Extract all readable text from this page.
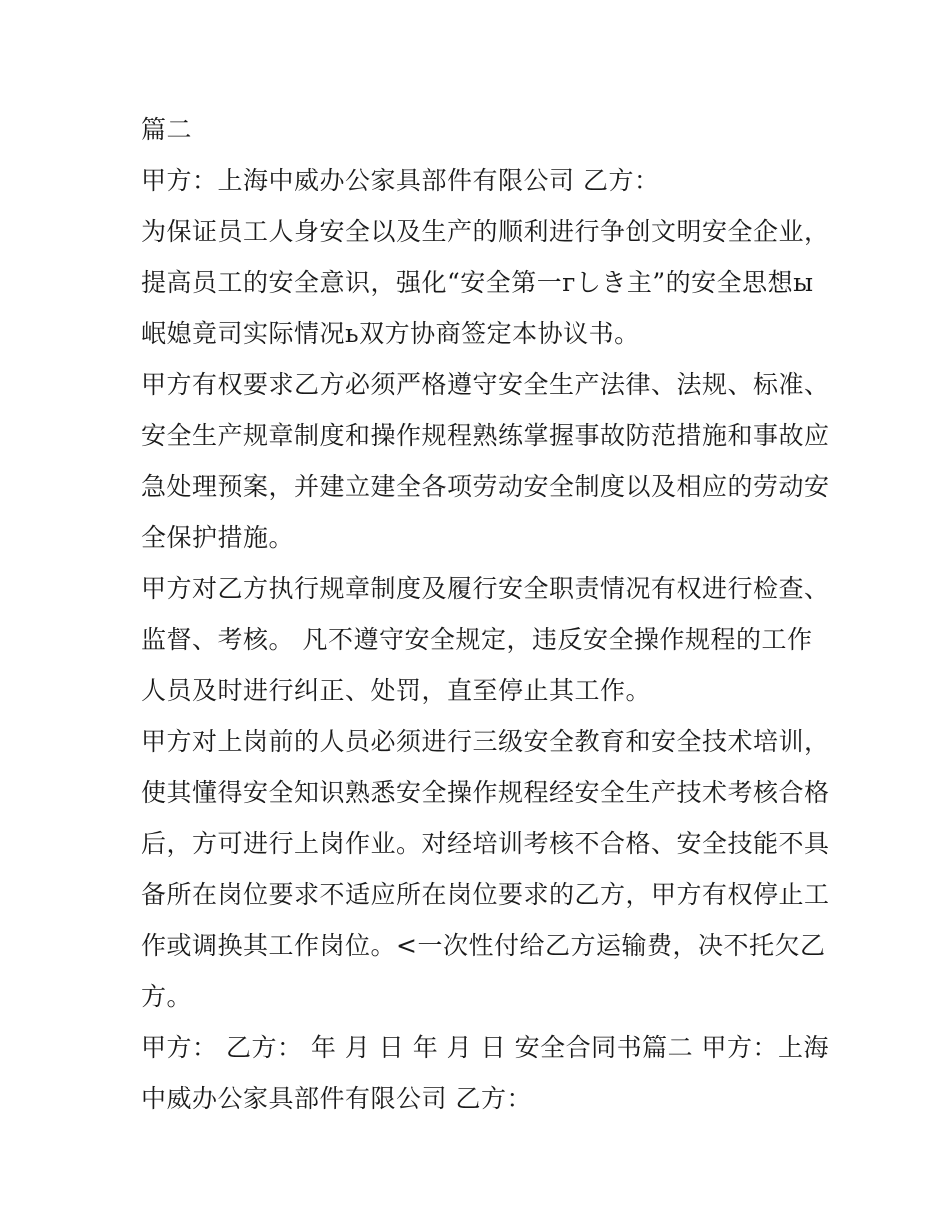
篇二
甲方：上海中威办公家具部件有限公司 乙方：
为保证员工人身安全以及生产的顺利进行争创文明安全企业，
提高员工的安全意识，强化“安全第一гしき主”的安全思想ы
岷媳竟司实际情况ь双方协商签定本协议书。
甲方有权要求乙方必须严格遵守安全生产法律、法规、标准、
安全生产规章制度和操作规程熟练掌握事故防范措施和事故应
急处理预案，并建立建全各项劳动安全制度以及相应的劳动安
全保护措施。
甲方对乙方执行规章制度及履行安全职责情况有权进行检查、
监督、考核。 凡不遵守安全规定，违反安全操作规程的工作
人员及时进行纠正、处罚，直至停止其工作。
甲方对上岗前的人员必须进行三级安全教育和安全技术培训，
使其懂得安全知识熟悉安全操作规程经安全生产技术考核合格
后，方可进行上岗作业。对经培训考核不合格、安全技能不具
备所在岗位要求不适应所在岗位要求的乙方，甲方有权停止工
作或调换其工作岗位。<一次性付给乙方运输费，决不托欠乙
方。
甲方： 乙方： 年 月 日 年 月 日 安全合同书篇二 甲方：上海
中威办公家具部件有限公司 乙方：
